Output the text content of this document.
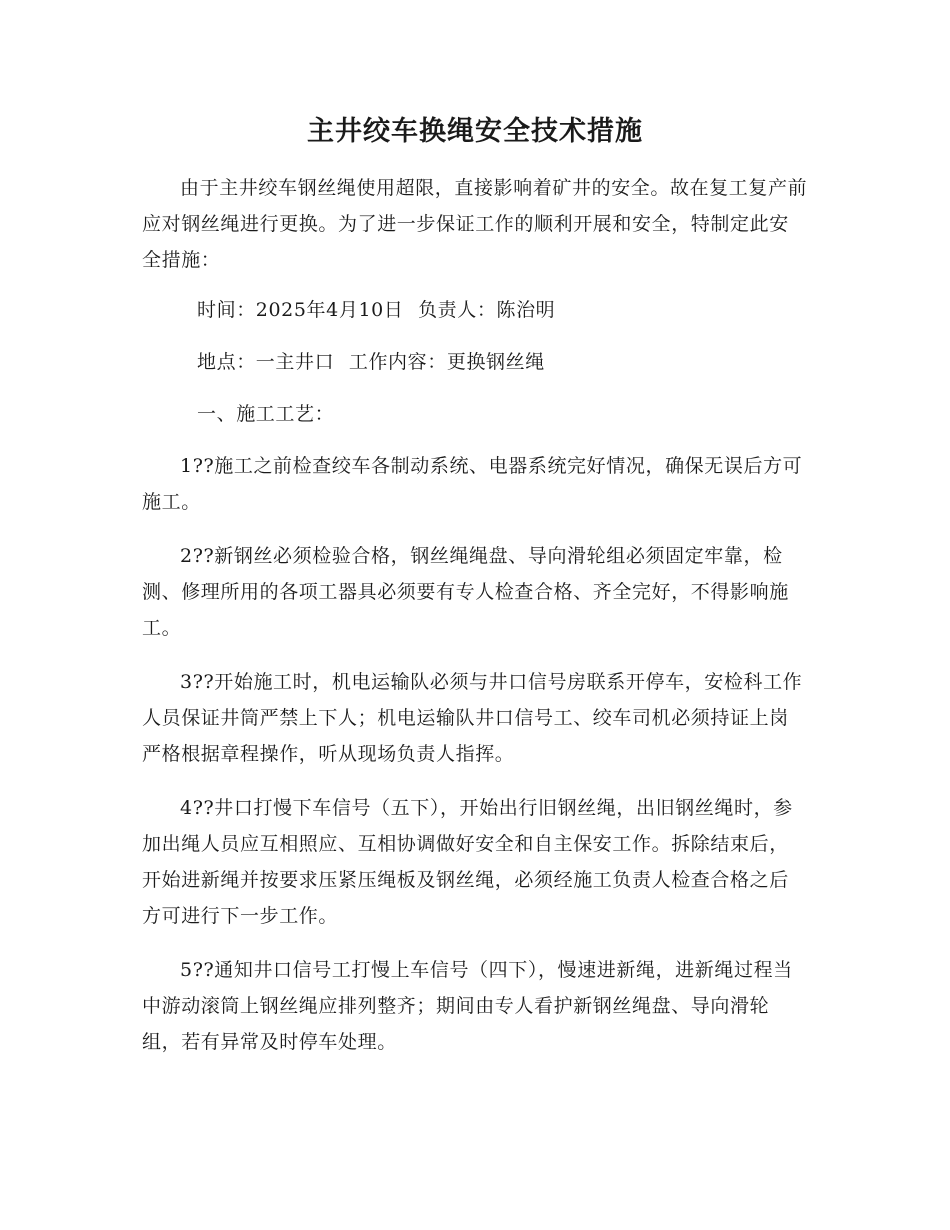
主井绞车换绳安全技术措施

由于主井绞车钢丝绳使用超限，直接影响着矿井的安全。故在复工复产前应对钢丝绳进行更换。为了进一步保证工作的顺利开展和安全，特制定此安全措施：

时间：2025年4月10日 负责人：陈治明

地点：一主井口 工作内容：更换钢丝绳

一、施工工艺：

1??施工之前检查绞车各制动系统、电器系统完好情况，确保无误后方可施工。

2??新钢丝必须检验合格，钢丝绳绳盘、导向滑轮组必须固定牢靠，检测、修理所用的各项工器具必须要有专人检查合格、齐全完好，不得影响施工。

3??开始施工时，机电运输队必须与井口信号房联系开停车，安检科工作人员保证井筒严禁上下人；机电运输队井口信号工、绞车司机必须持证上岗严格根据章程操作，听从现场负责人指挥。

4??井口打慢下车信号（五下），开始出行旧钢丝绳，出旧钢丝绳时，参加出绳人员应互相照应、互相协调做好安全和自主保安工作。拆除结束后，开始进新绳并按要求压紧压绳板及钢丝绳，必须经施工负责人检查合格之后方可进行下一步工作。

5??通知井口信号工打慢上车信号（四下），慢速进新绳，进新绳过程当中游动滚筒上钢丝绳应排列整齐；期间由专人看护新钢丝绳盘、导向滑轮组，若有异常及时停车处理。
